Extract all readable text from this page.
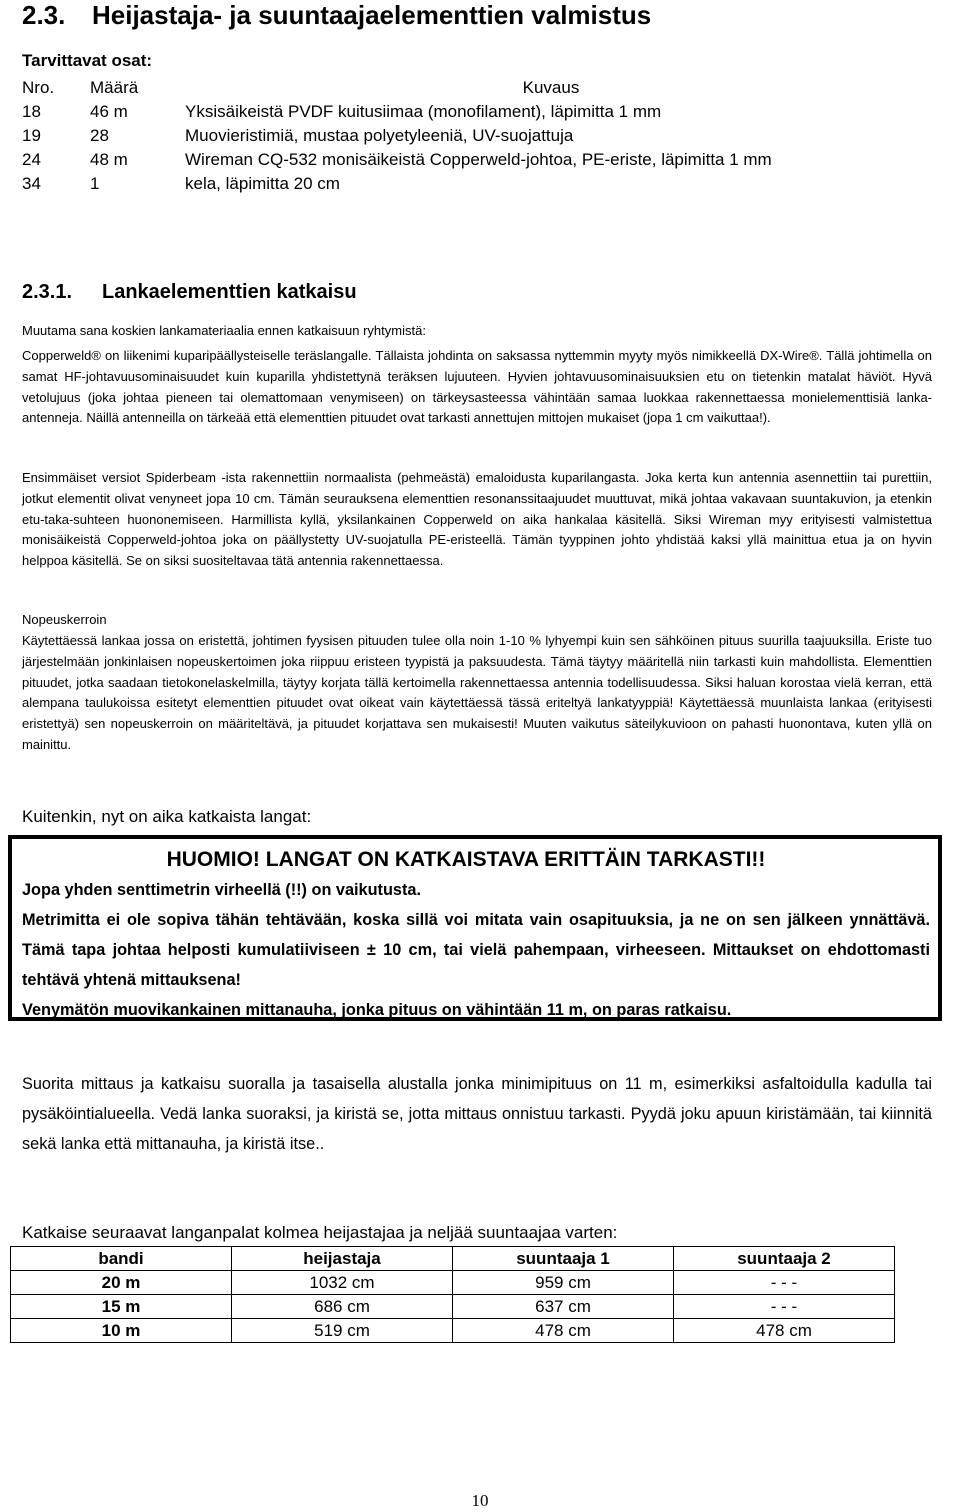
2.3. Heijastaja- ja suuntaajaelementtien valmistus
Tarvittavat osat:
Nro.	Määrä	Kuvaus
18	46 m	Yksisäikeistä PVDF kuitusiimaa (monofilament), läpimitta 1 mm
19	28	Muovieristimiä, mustaa polyetyleeniä, UV-suojattuja
24	48 m	Wireman CQ-532 monisäikeistä Copperweld-johtoa, PE-eriste, läpimitta 1 mm
34	1	kela, läpimitta 20 cm
2.3.1. Lankaelementtien katkaisu

Muutama sana koskien lankamateriaalia ennen katkaisuun ryhtymistä:

Copperweld® on liikenimi kuparipäällysteiselle teräslangalle. Tällaista johdinta on saksassa nyttemmin myyty myös nimikkeellä DX-Wire®. Tällä johtimella on samat HF-johtavuusominaisuudet kuin kuparilla yhdistettynä teräksen lujuuteen. Hyvien johtavuusominaisuuksien etu on tietenkin matalat häviöt. Hyvä vetolujuus (joka johtaa pieneen tai olemattomaan venymiseen) on tärkeysasteessa vähintään samaa luokkaa rakennettaessa monielementtisiä lanka-antenneja. Näillä antenneilla on tärkeää että elementtien pituudet ovat tarkasti annettujen mittojen mukaiset (jopa 1 cm vaikuttaa!).

Ensimmäiset versiot Spiderbeam -ista rakennettiin normaalista (pehmeästä) emaloidusta kuparilangasta. Joka kerta kun antennia asennettiin tai purettiin, jotkut elementit olivat venyneet jopa 10 cm. Tämän seurauksena elementtien resonanssitaajuudet muuttuvat, mikä johtaa vakavaan suuntakuvion, ja etenkin etu-taka-suhteen huononemiseen. Harmillista kyllä, yksilankainen Copperweld on aika hankalaa käsitellä. Siksi Wireman myy erityisesti valmistettua monisäikeistä Copperweld-johtoa joka on päällystetty UV-suojatulla PE-eristeellä. Tämän tyyppinen johto yhdistää kaksi yllä mainittua etua ja on hyvin helppoa käsitellä. Se on siksi suositeltavaa tätä antennia rakennettaessa.

Nopeuskerroin

Käytettäessä lankaa jossa on eristettä, johtimen fyysisen pituuden tulee olla noin 1-10 % lyhyempi kuin sen sähköinen pituus suurilla taajuuksilla. Eriste tuo järjestelmään jonkinlaisen nopeuskertoimen joka riippuu eristeen tyypistä ja paksuudesta. Tämä täytyy määritellä niin tarkasti kuin mahdollista. Elementtien pituudet, jotka saadaan tietokonelaskelmilla, täytyy korjata tällä kertoimella rakennettaessa antennia todellisuudessa. Siksi haluan korostaa vielä kerran, että alempana taulukoissa esitetyt elementtien pituudet ovat oikeat vain käytettäessä tässä eriteltyä lankatyyppiä! Käytettäessä muunlaista lankaa (erityisesti eristettyä) sen nopeuskerroin on määriteltävä, ja pituudet korjattava sen mukaisesti! Muuten vaikutus säteilykuvioon on pahasti huonontava, kuten yllä on mainittu.

Kuitenkin, nyt on aika katkaista langat:
HUOMIO! LANGAT ON KATKAISTAVA ERITTÄIN TARKASTI!!
Jopa yhden senttimetrin virheellä (!!) on vaikutusta.
Metrimitta ei ole sopiva tähän tehtävään, koska sillä voi mitata vain osapituuksia, ja ne on sen jälkeen ynnättävä. Tämä tapa johtaa helposti kumulatiiviseen ± 10 cm, tai vielä pahempaan, virheeseen. Mittaukset on ehdottomasti tehtävä yhtenä mittauksena!
Venymätön muovikankainen mittanauha, jonka pituus on vähintään 11 m, on paras ratkaisu.

Suorita mittaus ja katkaisu suoralla ja tasaisella alustalla jonka minimipituus on 11 m, esimerkiksi asfaltoidulla kadulla tai pysäköintialueella. Vedä lanka suoraksi, ja kiristä se, jotta mittaus onnistuu tarkasti. Pyydä joku apuun kiristämään, tai kiinnitä sekä lanka että mittanauha, ja kiristä itse..

Katkaise seuraavat langanpalat kolmea heijastajaa ja neljää suuntaajaa varten:
bandi	heijastaja	suuntaaja 1	suuntaaja 2
20 m	1032 cm	959 cm	- - -
15 m	686 cm	637 cm	- - -
10 m	519 cm	478 cm	478 cm
10
